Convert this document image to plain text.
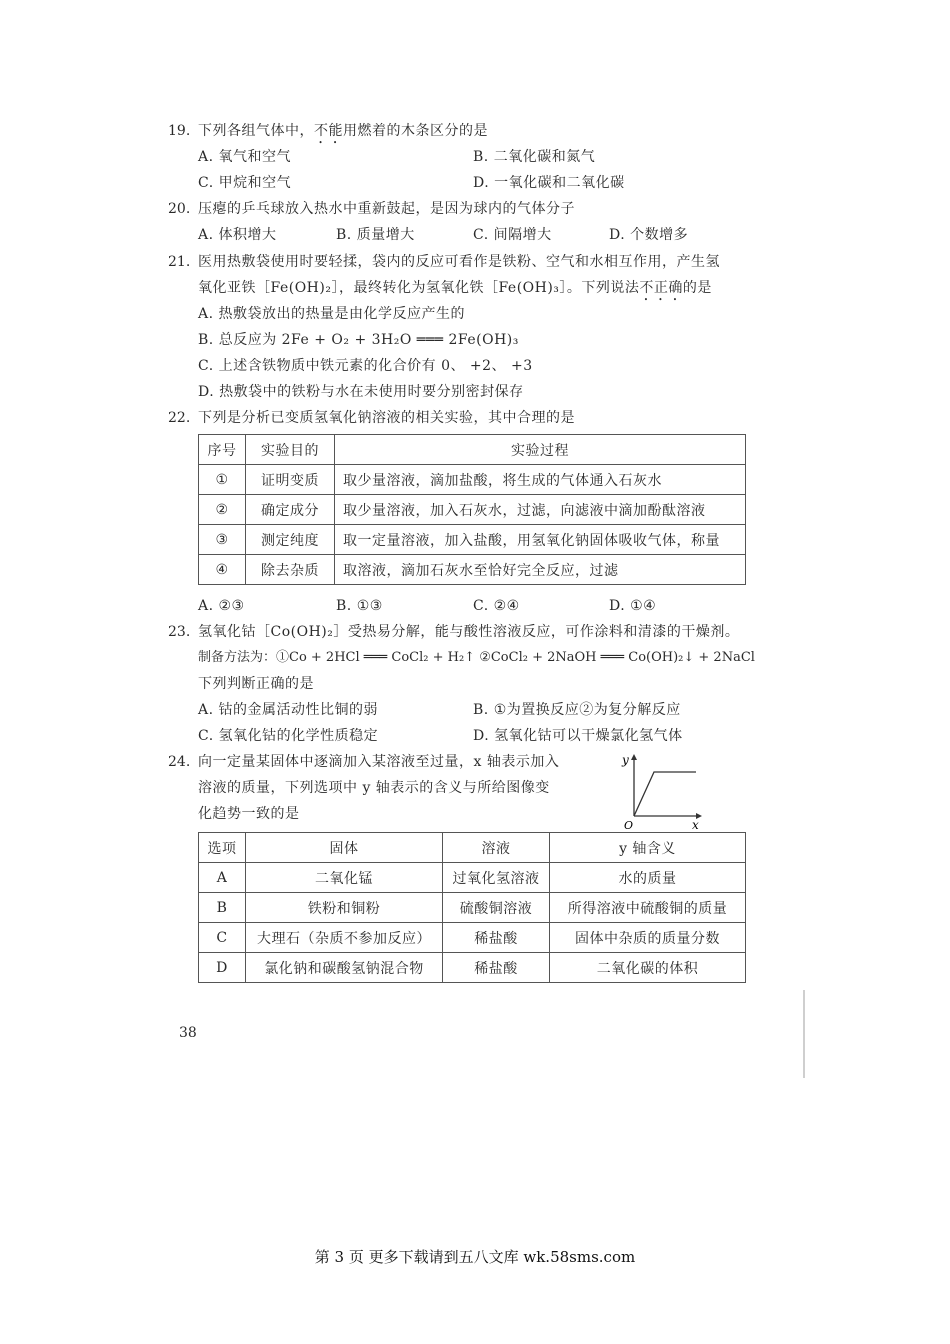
19. 下列各组气体中，不能用燃着的木条区分的是
A. 氧气和空气	B. 二氧化碳和氮气
C. 甲烷和空气	D. 一氧化碳和二氧化碳
20. 压瘪的乒乓球放入热水中重新鼓起，是因为球内的气体分子
A. 体积增大	B. 质量增大	C. 间隔增大	D. 个数增多
21. 医用热敷袋使用时要轻揉，袋内的反应可看作是铁粉、空气和水相互作用，产生氢
氧化亚铁［Fe(OH)₂］，最终转化为氢氧化铁［Fe(OH)₃］。下列说法不正确的是
A. 热敷袋放出的热量是由化学反应产生的
B. 总反应为 2Fe + O₂ + 3H₂O ═══ 2Fe(OH)₃
C. 上述含铁物质中铁元素的化合价有 0、 +2、 +3
D. 热敷袋中的铁粉与水在未使用时要分别密封保存
22. 下列是分析已变质氢氧化钠溶液的相关实验，其中合理的是
序号	实验目的	实验过程
①	证明变质	取少量溶液，滴加盐酸，将生成的气体通入石灰水
②	确定成分	取少量溶液，加入石灰水，过滤，向滤液中滴加酚酞溶液
③	测定纯度	取一定量溶液，加入盐酸，用氢氧化钠固体吸收气体，称量
④	除去杂质	取溶液，滴加石灰水至恰好完全反应，过滤
A. ②③	B. ①③	C. ②④	D. ①④
23. 氢氧化钴［Co(OH)₂］受热易分解，能与酸性溶液反应，可作涂料和清漆的干燥剂。
制备方法为：①Co + 2HCl ═══ CoCl₂ + H₂↑ ②CoCl₂ + 2NaOH ═══ Co(OH)₂↓ + 2NaCl
下列判断正确的是
A. 钴的金属活动性比铜的弱	B. ①为置换反应②为复分解反应
C. 氢氧化钴的化学性质稳定	D. 氢氧化钴可以干燥氯化氢气体
24. 向一定量某固体中逐滴加入某溶液至过量，x 轴表示加入
溶液的质量，下列选项中 y 轴表示的含义与所给图像变
化趋势一致的是
y
x
O
选项	固体	溶液	y 轴含义
A	二氧化锰	过氧化氢溶液	水的质量
B	铁粉和铜粉	硫酸铜溶液	所得溶液中硫酸铜的质量
C	大理石（杂质不参加反应）	稀盐酸	固体中杂质的质量分数
D	氯化钠和碳酸氢钠混合物	稀盐酸	二氧化碳的体积
38
第 3 页 更多下载请到五八文库 wk.58sms.com
